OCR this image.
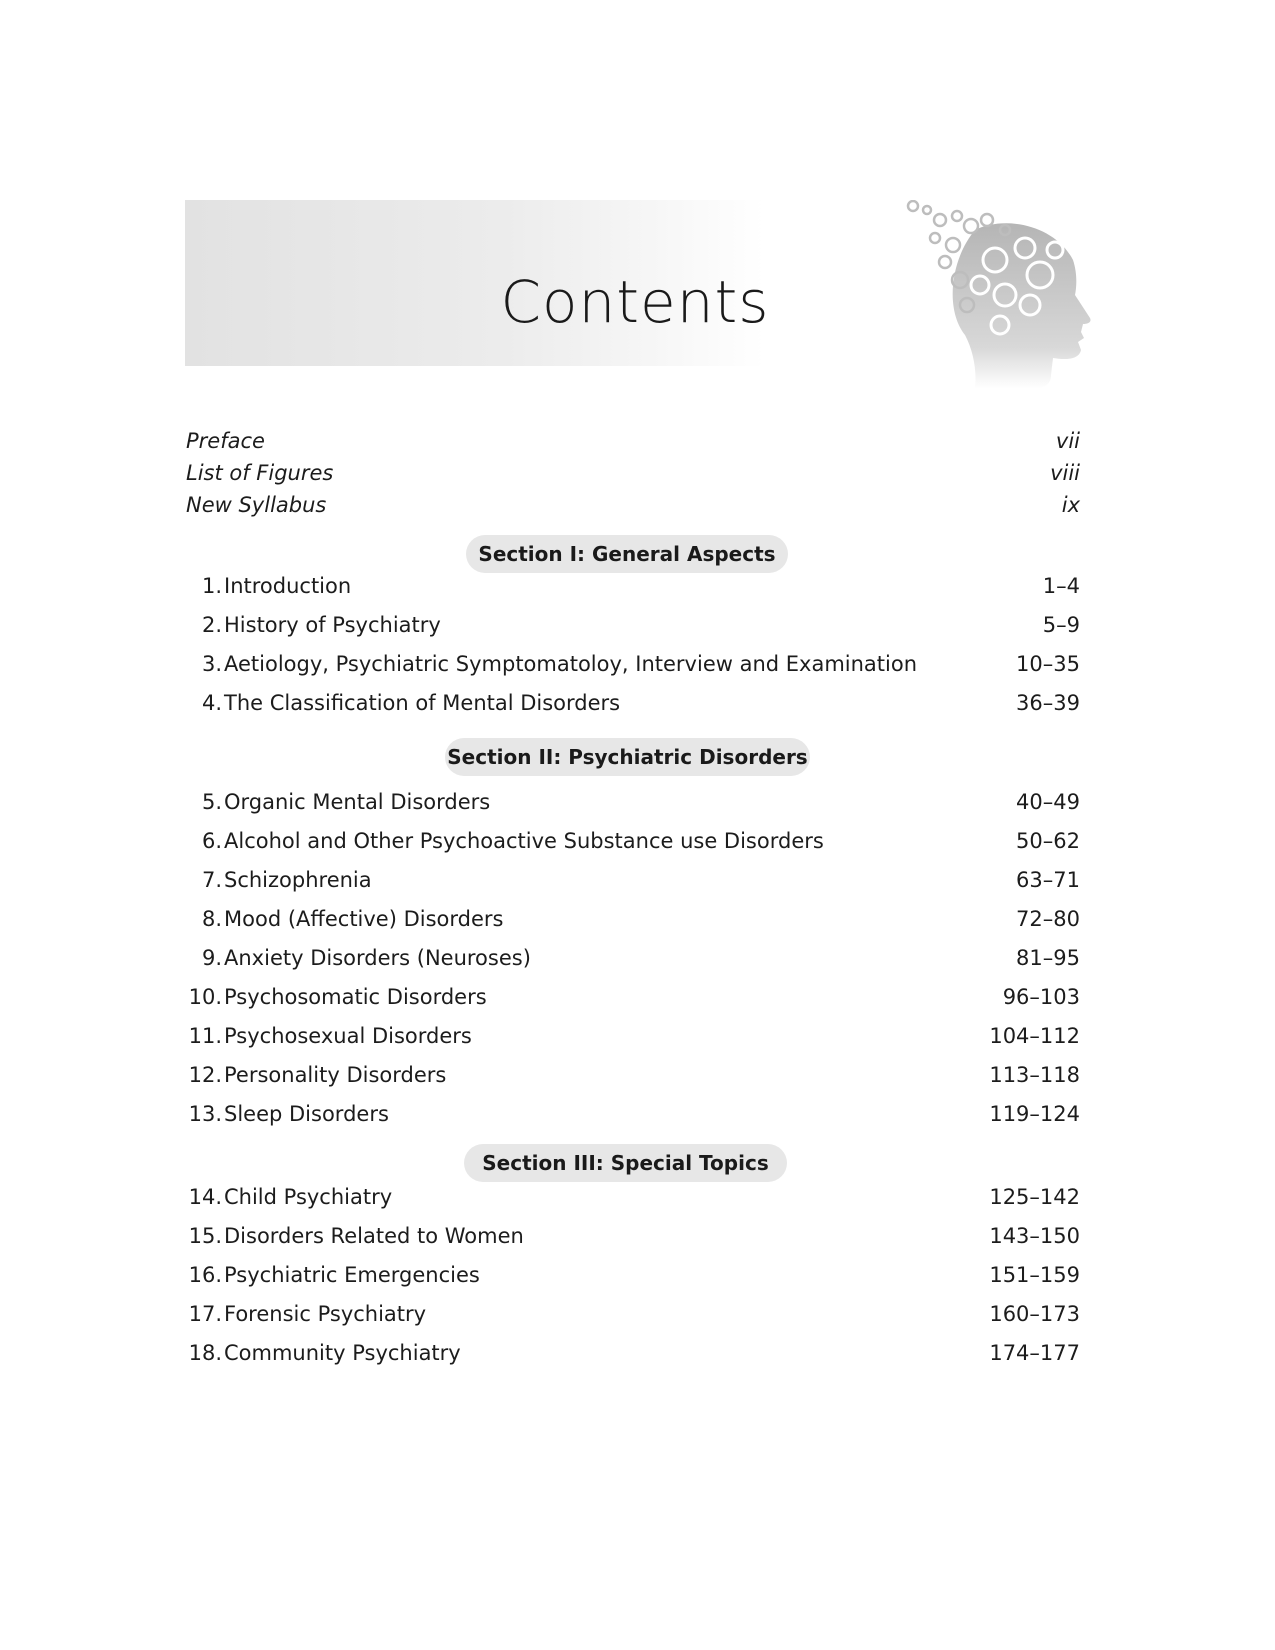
Contents
Preface	vii
List of Figures	viii
New Syllabus	ix
Section I: General Aspects
1. Introduction	1–4
2. History of Psychiatry	5–9
3. Aetiology, Psychiatric Symptomatoloy, Interview and Examination	10–35
4. The Classification of Mental Disorders	36–39
Section II: Psychiatric Disorders
5. Organic Mental Disorders	40–49
6. Alcohol and Other Psychoactive Substance use Disorders	50–62
7. Schizophrenia	63–71
8. Mood (Affective) Disorders	72–80
9. Anxiety Disorders (Neuroses)	81–95
10. Psychosomatic Disorders	96–103
11. Psychosexual Disorders	104–112
12. Personality Disorders	113–118
13. Sleep Disorders	119–124
Section III: Special Topics
14. Child Psychiatry	125–142
15. Disorders Related to Women	143–150
16. Psychiatric Emergencies	151–159
17. Forensic Psychiatry	160–173
18. Community Psychiatry	174–177
